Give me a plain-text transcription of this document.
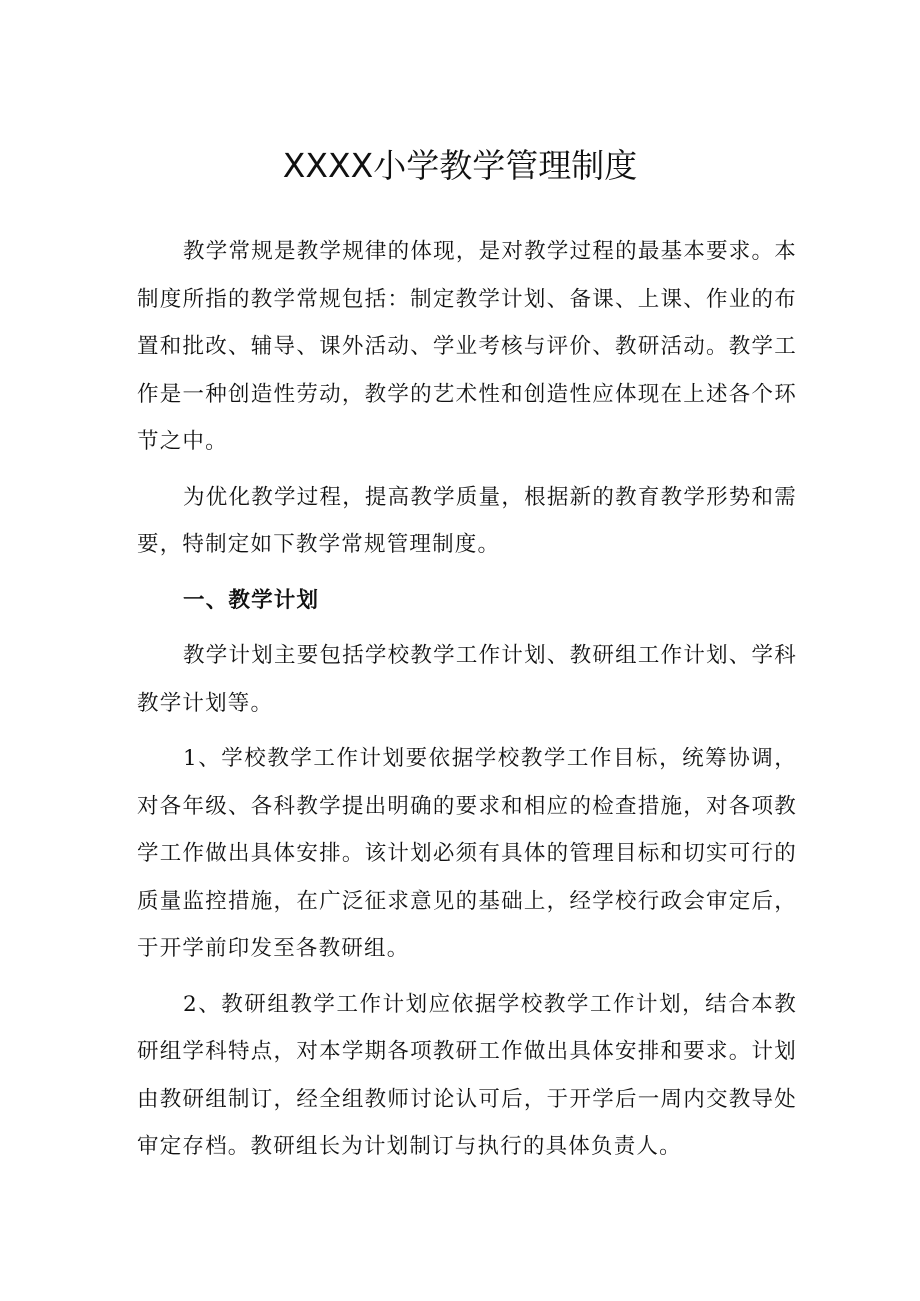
XXXX小学教学管理制度

教学常规是教学规律的体现，是对教学过程的最基本要求。本制度所指的教学常规包括：制定教学计划、备课、上课、作业的布置和批改、辅导、课外活动、学业考核与评价、教研活动。教学工作是一种创造性劳动，教学的艺术性和创造性应体现在上述各个环节之中。

为优化教学过程，提高教学质量，根据新的教育教学形势和需要，特制定如下教学常规管理制度。

一、教学计划

教学计划主要包括学校教学工作计划、教研组工作计划、学科教学计划等。

1、学校教学工作计划要依据学校教学工作目标，统筹协调，对各年级、各科教学提出明确的要求和相应的检查措施，对各项教学工作做出具体安排。该计划必须有具体的管理目标和切实可行的质量监控措施，在广泛征求意见的基础上，经学校行政会审定后，于开学前印发至各教研组。

2、教研组教学工作计划应依据学校教学工作计划，结合本教研组学科特点，对本学期各项教研工作做出具体安排和要求。计划由教研组制订，经全组教师讨论认可后，于开学后一周内交教导处审定存档。教研组长为计划制订与执行的具体负责人。
